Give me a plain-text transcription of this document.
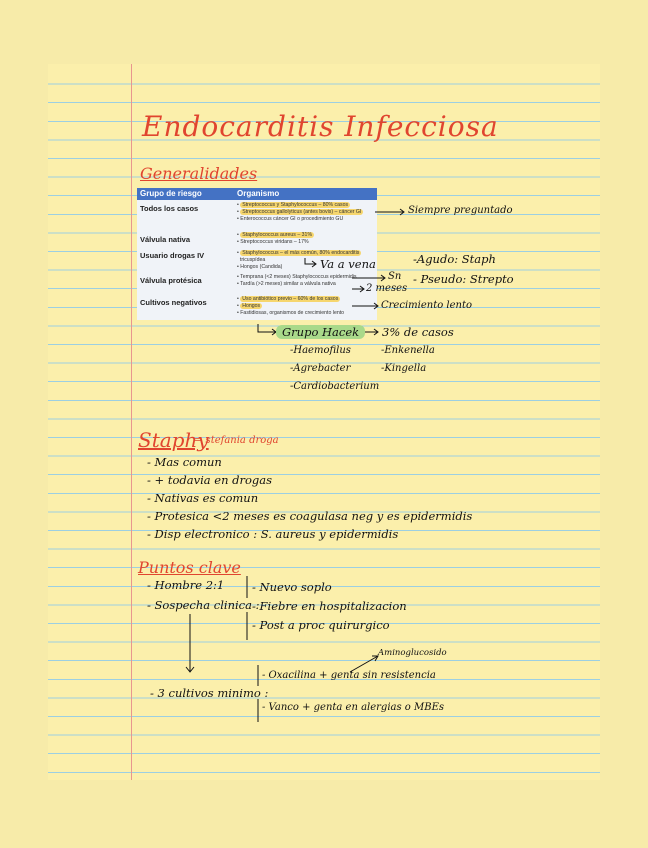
Endocarditis Infecciosa
Generalidades
Grupo de riesgo	Organismo
Todos los casos	• Streptococcus y Staphylococcus – 80% casos
• Streptococcus gallolyticus (antes bovis) – cáncer GI
• Enterococcus cáncer GI o procedimiento GU
Válvula nativa	• Staphylococcus aureus – 31%
• Streptococcus viridans – 17%
Usuario drogas IV	• Staphylococcus – el más común, 80% endocarditis
tricuspídea
• Hongos (Candida)
Válvula protésica	• Temprana (<2 meses) Staphylococcus epidermidis
• Tardía (>2 meses) similar a válvula nativa
Cultivos negativos	• Uso antibiótico previo – 60% de los casos
• Hongos
• Fastidiosas, organismos de crecimiento lento
Siempre preguntado
Va a vena	-Agudo: Staph
- Pseudo: Strepto
Sn
2 meses
Crecimiento lento
Grupo Hacek	3% de casos
-Haemofilus	-Enkenella
-Agrebacter	-Kingella
-Cardiobacterium
Staphy
= stefania droga
- Mas comun
- + todavia en drogas
- Nativas es comun
- Protesica <2 meses es coagulasa neg y es epidermidis
- Disp electronico : S. aureus y epidermidis
Puntos clave
- Hombre 2:1
- Sospecha clinica :
- 3 cultivos minimo :
- Nuevo soplo
- Fiebre en hospitalizacion
- Post a proc quirurgico
Aminoglucosido
- Oxacilina + genta sin resistencia
- Vanco + genta en alergias o MBEs
